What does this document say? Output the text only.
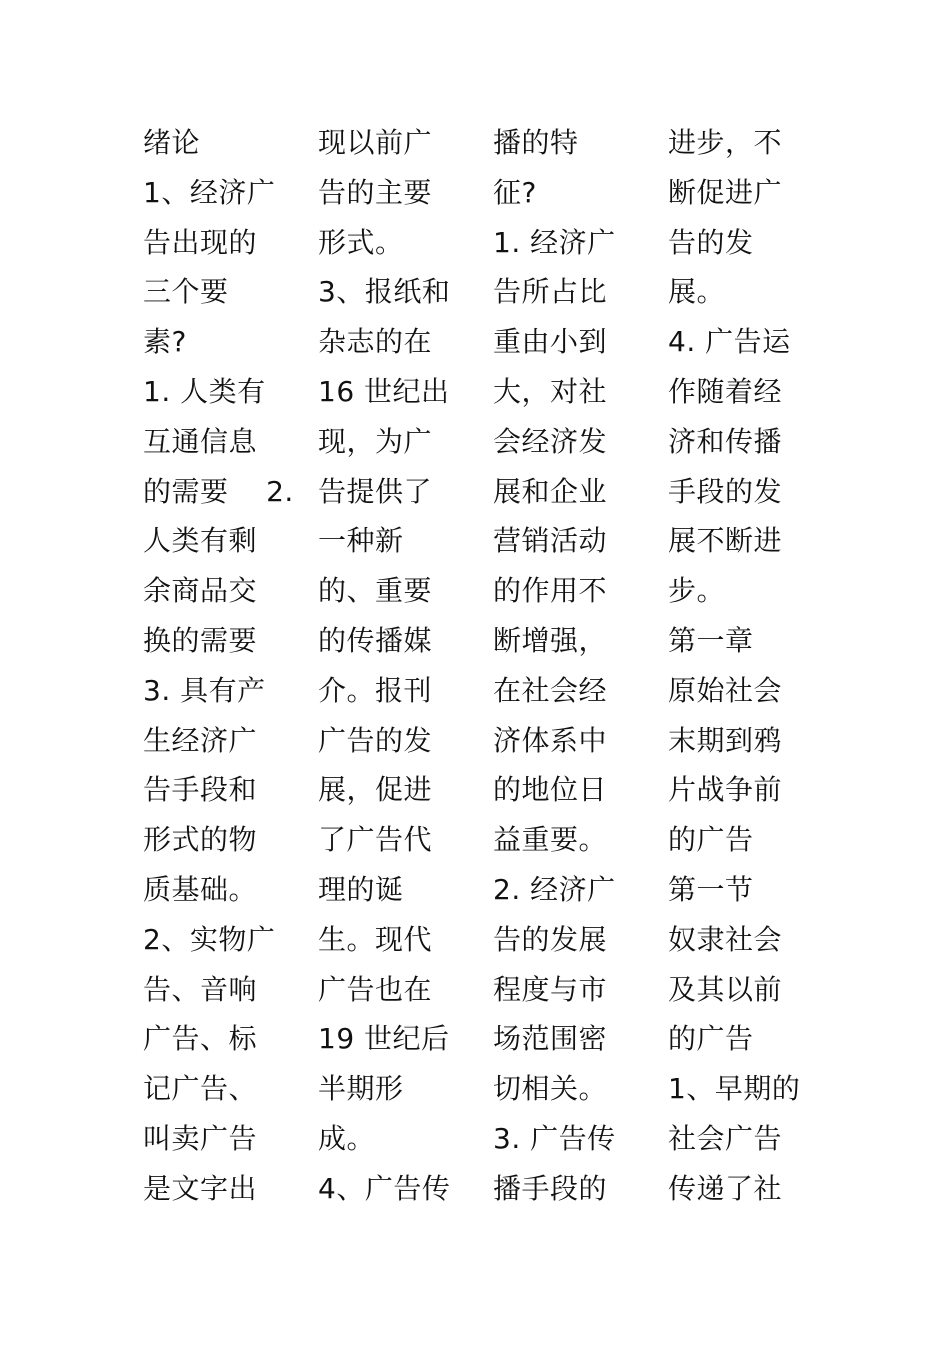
绪论
1、经济广
告出现的
三个要
素?
1. 人类有
互通信息
的需要    2.
人类有剩
余商品交
换的需要
3. 具有产
生经济广
告手段和
形式的物
质基础。
2、实物广
告、音响
广告、标
记广告、
叫卖广告
是文字出
现以前广
告的主要
形式。
3、报纸和
杂志的在
16 世纪出
现，为广
告提供了
一种新
的、重要
的传播媒
介。报刊
广告的发
展，促进
了广告代
理的诞
生。现代
广告也在
19 世纪后
半期形
成。
4、广告传
播的特
征?
1. 经济广
告所占比
重由小到
大，对社
会经济发
展和企业
营销活动
的作用不
断增强，
在社会经
济体系中
的地位日
益重要。
2. 经济广
告的发展
程度与市
场范围密
切相关。
3. 广告传
播手段的
进步，不
断促进广
告的发
展。
4. 广告运
作随着经
济和传播
手段的发
展不断进
步。
第一章
原始社会
末期到鸦
片战争前
的广告
第一节
奴隶社会
及其以前
的广告
1、早期的
社会广告
传递了社
